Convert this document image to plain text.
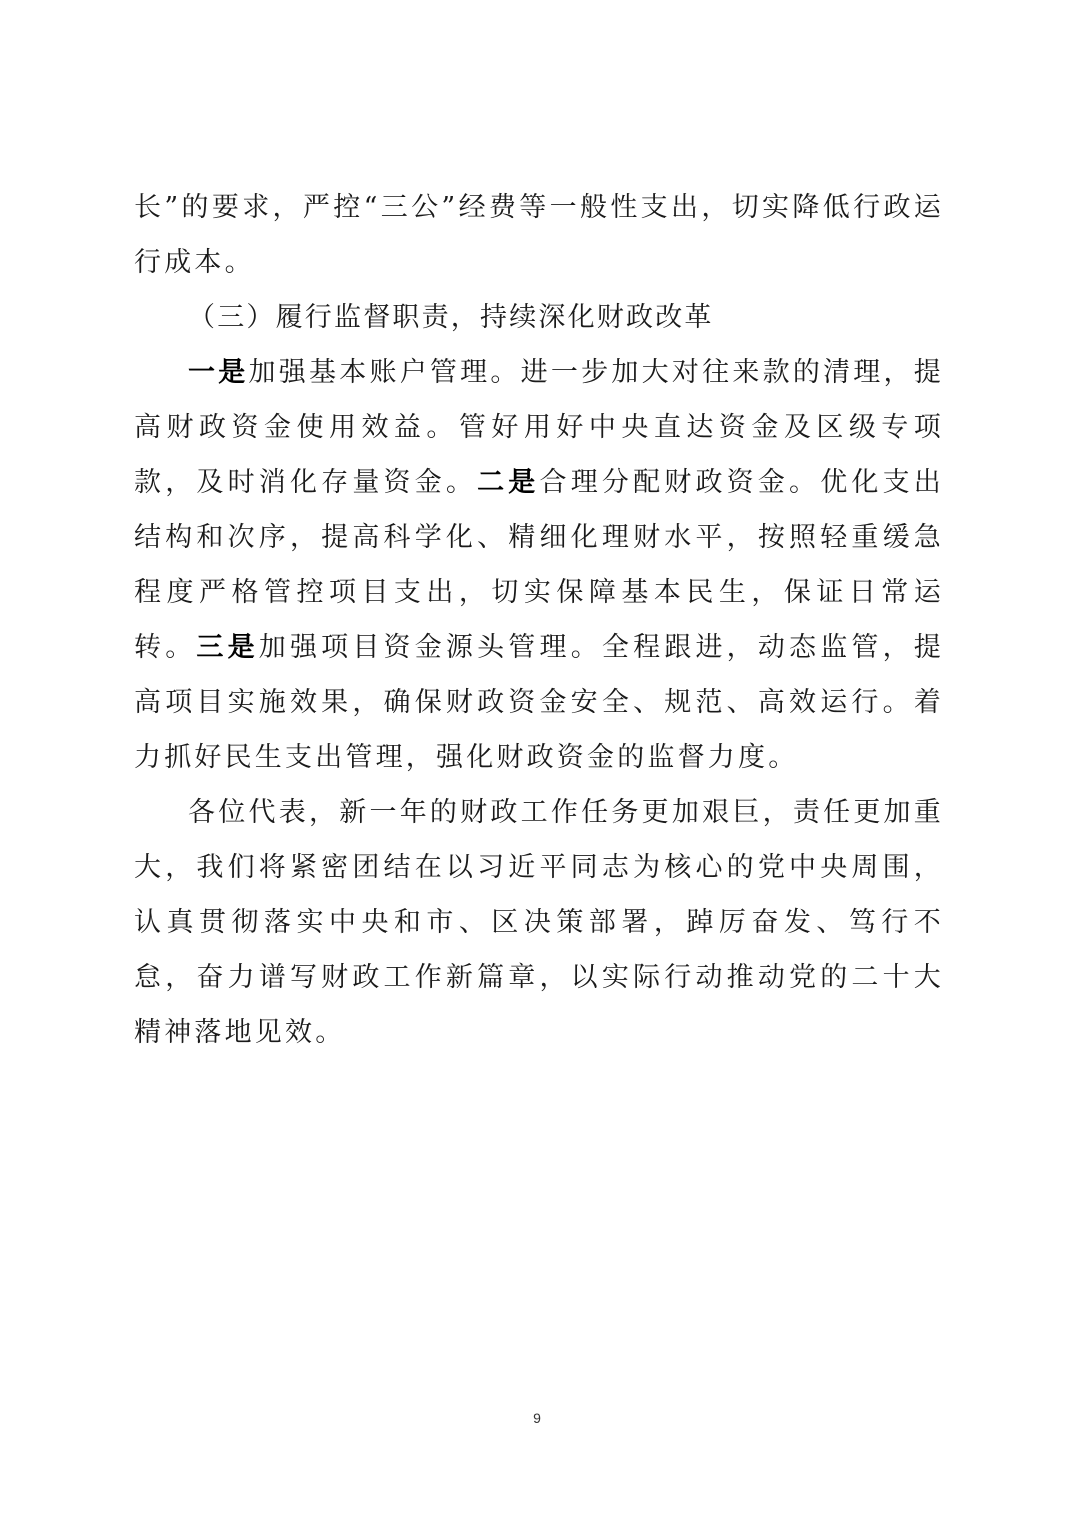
长”的要求，严控“三公”经费等一般性支出，切实降低行政运行成本。

（三）履行监督职责，持续深化财政改革

一是加强基本账户管理。进一步加大对往来款的清理，提高财政资金使用效益。管好用好中央直达资金及区级专项款，及时消化存量资金。二是合理分配财政资金。优化支出结构和次序，提高科学化、精细化理财水平，按照轻重缓急程度严格管控项目支出，切实保障基本民生，保证日常运转。三是加强项目资金源头管理。全程跟进，动态监管，提高项目实施效果，确保财政资金安全、规范、高效运行。着力抓好民生支出管理，强化财政资金的监督力度。

各位代表，新一年的财政工作任务更加艰巨，责任更加重大，我们将紧密团结在以习近平同志为核心的党中央周围，认真贯彻落实中央和市、区决策部署，踔厉奋发、笃行不怠，奋力谱写财政工作新篇章，以实际行动推动党的二十大精神落地见效。

9
